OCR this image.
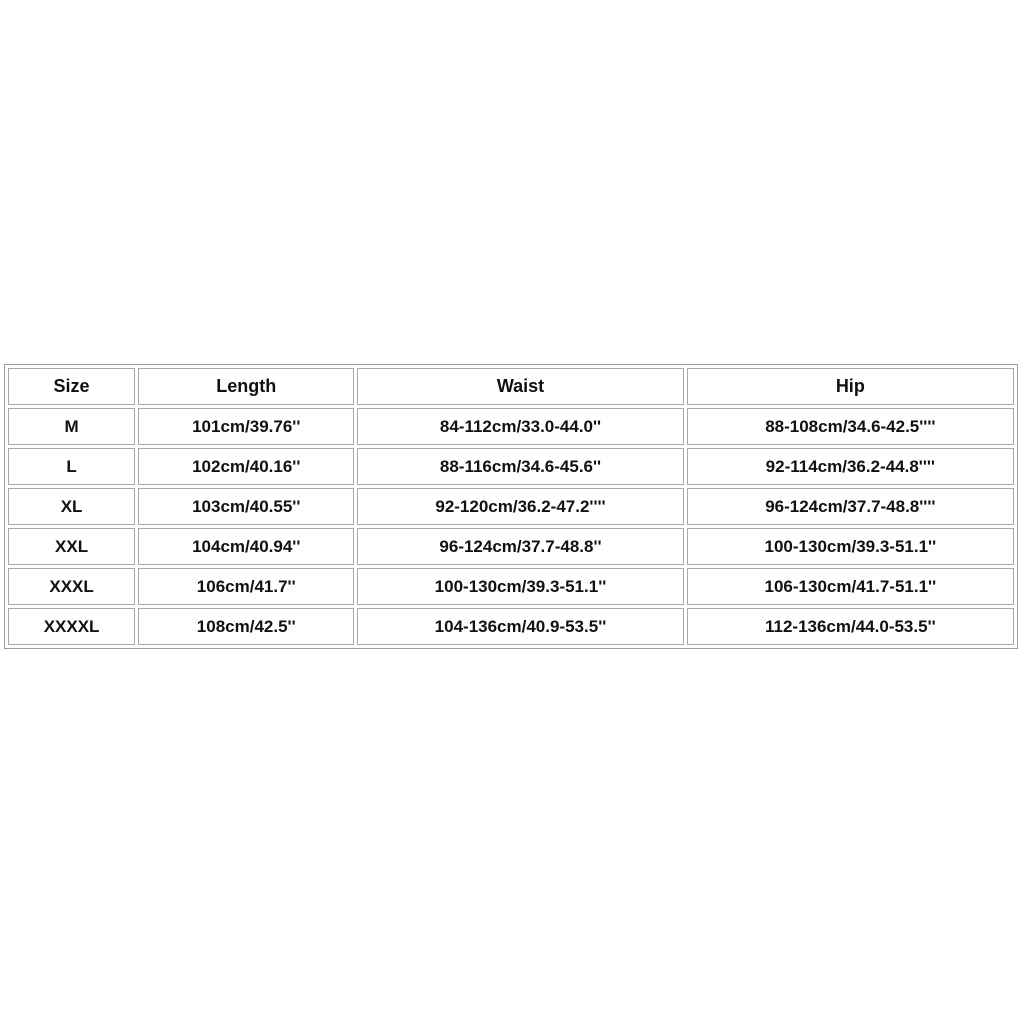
Size	Length	Waist	Hip
M	101cm/39.76''	84-112cm/33.0-44.0''	88-108cm/34.6-42.5''''
L	102cm/40.16''	88-116cm/34.6-45.6''	92-114cm/36.2-44.8''''
XL	103cm/40.55''	92-120cm/36.2-47.2''''	96-124cm/37.7-48.8''''
XXL	104cm/40.94''	96-124cm/37.7-48.8''	100-130cm/39.3-51.1''
XXXL	106cm/41.7''	100-130cm/39.3-51.1''	106-130cm/41.7-51.1''
XXXXL	108cm/42.5''	104-136cm/40.9-53.5''	112-136cm/44.0-53.5''
